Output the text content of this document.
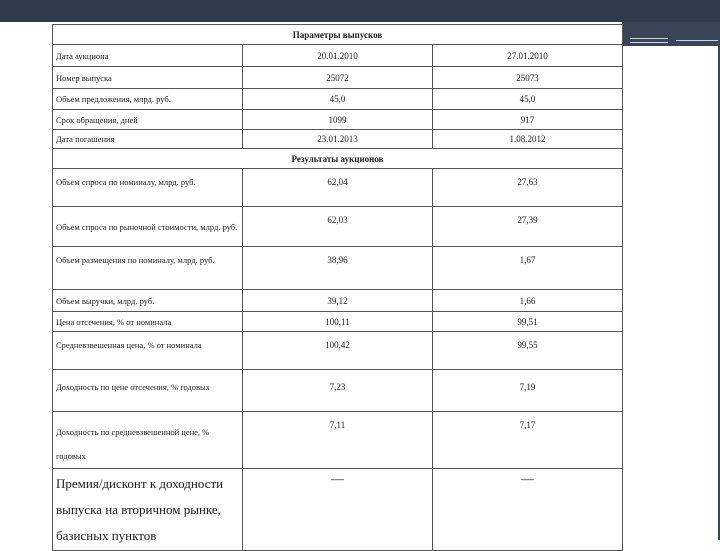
Параметры выпусков		
Дата аукциона	20.01.2010	27.01.2010
Номер выпуска	25072	25073
Объем предложения, млрд. руб.	45,0	45,0
Срок обращения, дней	1099	917
Дата погашения	23.01.2013	1.08.2012
Результаты аукционов		
Объем спроса по номиналу, млрд. руб.	62,04	27,63
Объем спроса по рыночной стоимости, млрд. руб.	62,03	27,39
Объем размещения по номиналу, млрд. руб.	38,96	1,67
Объем выручки, млрд. руб.	39,12	1,66
Цена отсечения, % от номинала	100,11	99,51
Средневзвешенная цена, % от номинала	100,42	99,55
Доходность по цене отсечения, % годовых	7,23	7,19
Доходность по средневзвешенной цене, % годовых	7,11	7,17
Премия/дисконт к доходности выпуска на вторичном рынке, базисных пунктов	—	—
